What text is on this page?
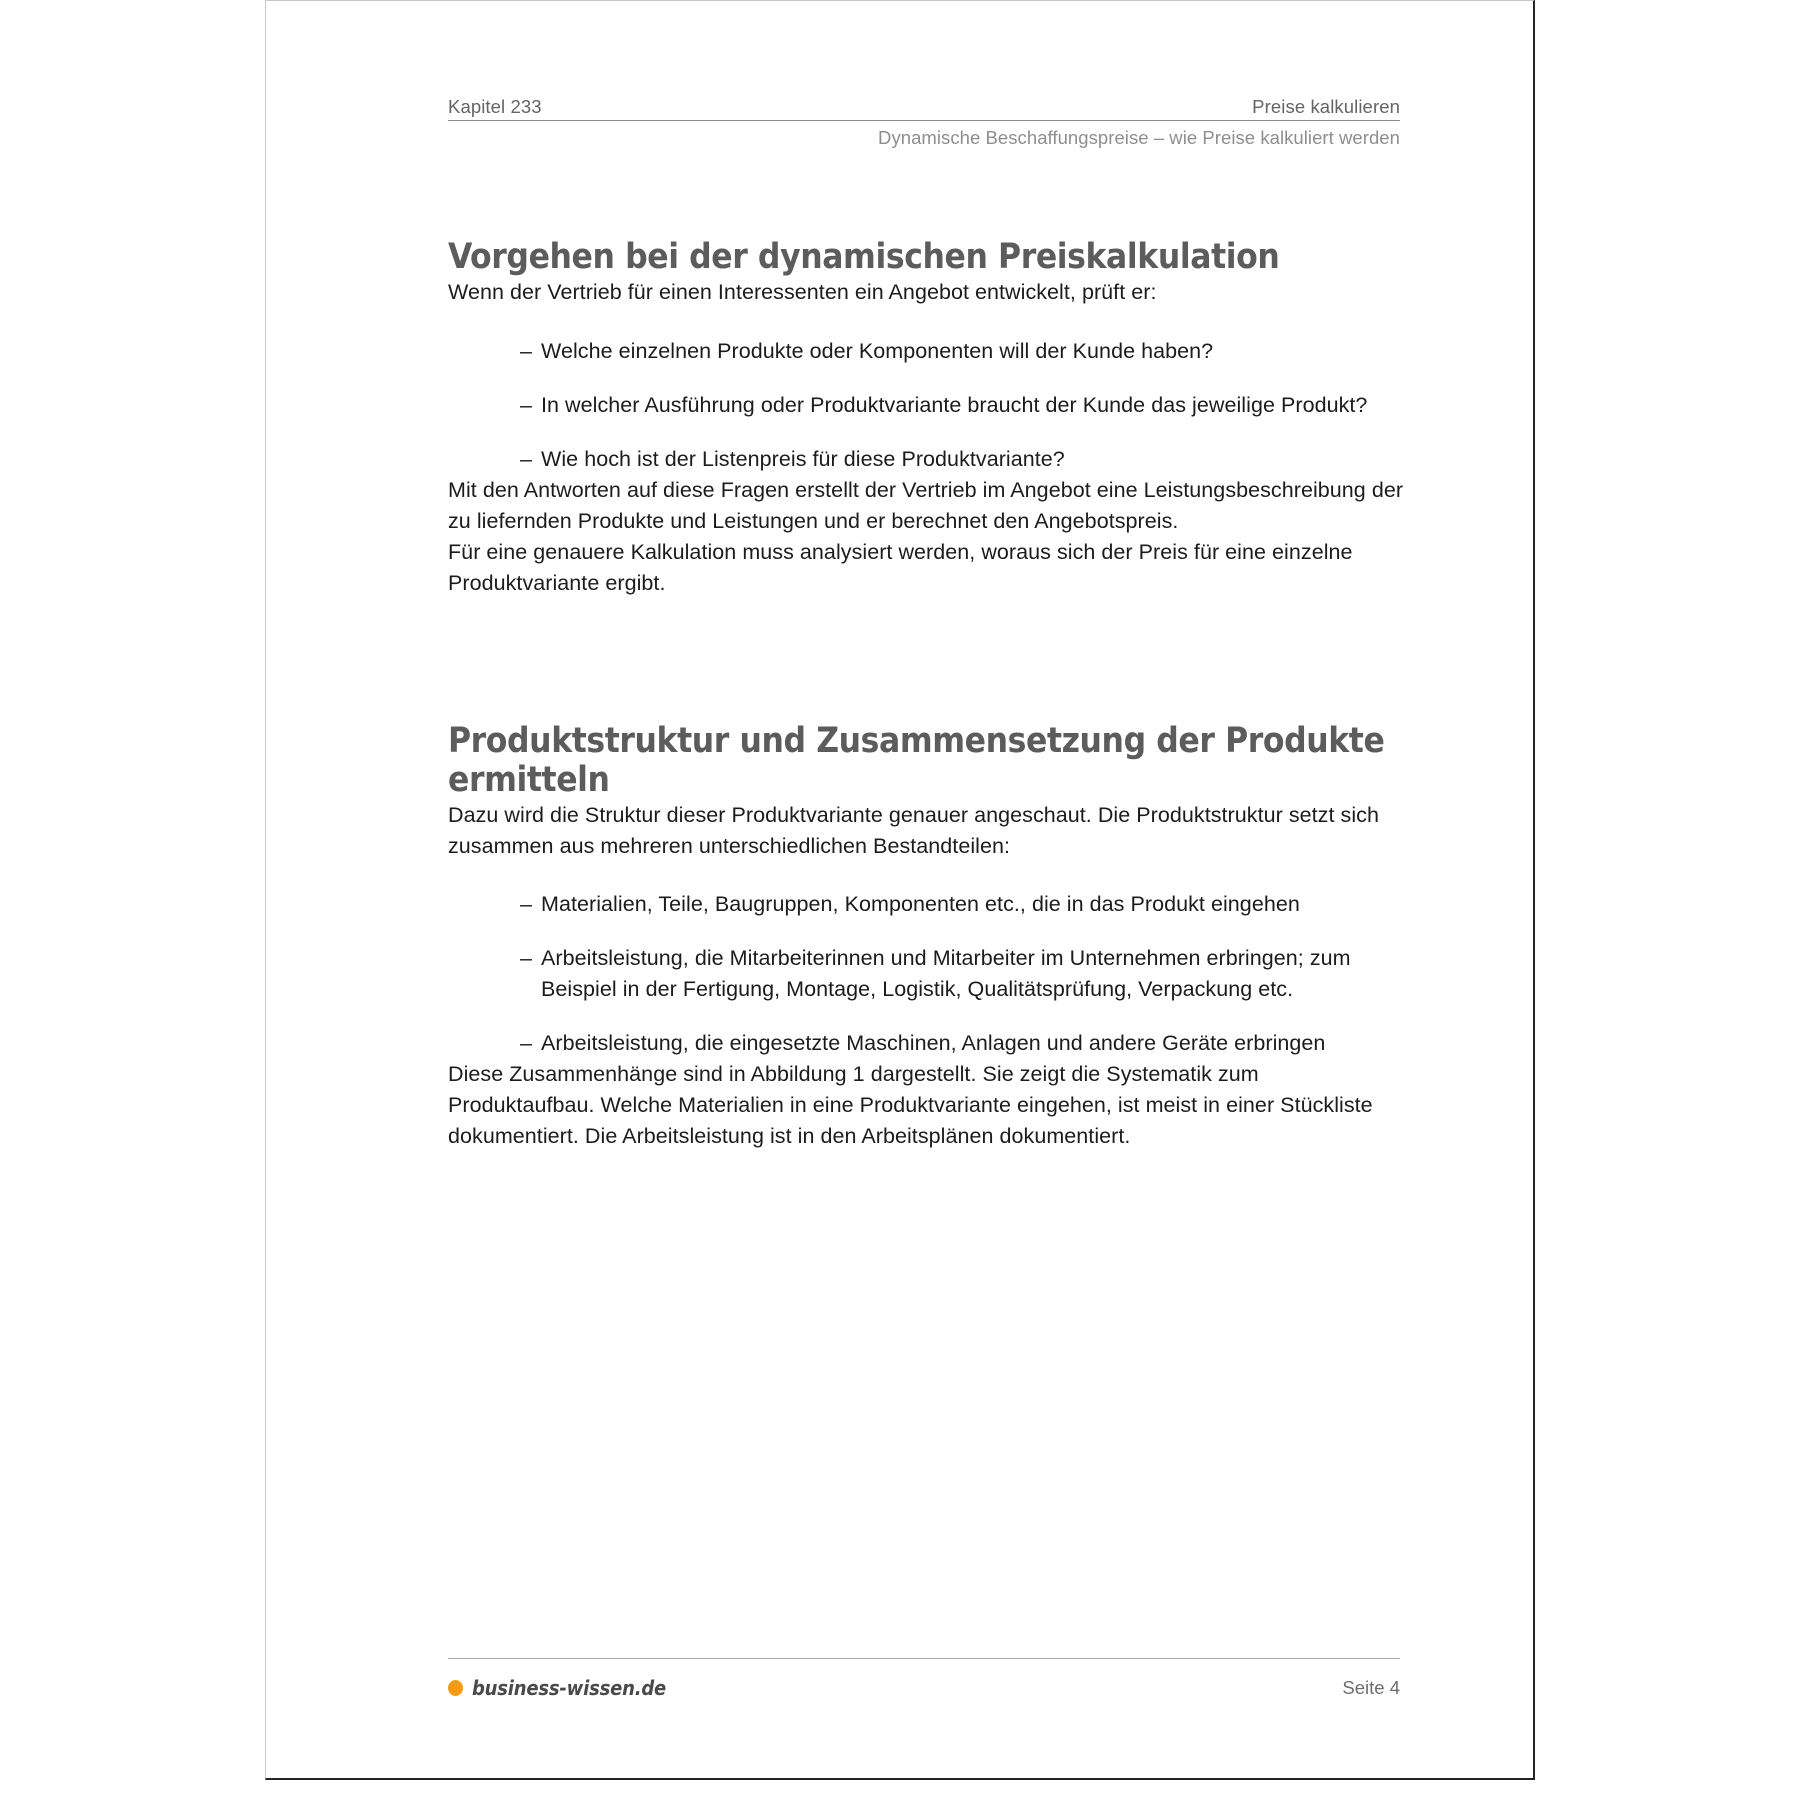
Kapitel 233	Preise kalkulieren
Dynamische Beschaffungspreise – wie Preise kalkuliert werden
Vorgehen bei der dynamischen Preiskalkulation

Wenn der Vertrieb für einen Interessenten ein Angebot entwickelt, prüft er:

– Welche einzelnen Produkte oder Komponenten will der Kunde haben?
– In welcher Ausführung oder Produktvariante braucht der Kunde das jeweilige Produkt?
– Wie hoch ist der Listenpreis für diese Produktvariante?

Mit den Antworten auf diese Fragen erstellt der Vertrieb im Angebot eine Leistungsbeschreibung der zu liefernden Produkte und Leistungen und er berechnet den Angebotspreis.

Für eine genauere Kalkulation muss analysiert werden, woraus sich der Preis für eine einzelne Produktvariante ergibt.

Produktstruktur und Zusammensetzung der Produkte ermitteln

Dazu wird die Struktur dieser Produktvariante genauer angeschaut. Die Produktstruktur setzt sich zusammen aus mehreren unterschiedlichen Bestandteilen:

– Materialien, Teile, Baugruppen, Komponenten etc., die in das Produkt eingehen
– Arbeitsleistung, die Mitarbeiterinnen und Mitarbeiter im Unternehmen erbringen; zum Beispiel in der Fertigung, Montage, Logistik, Qualitätsprüfung, Verpackung etc.
– Arbeitsleistung, die eingesetzte Maschinen, Anlagen und andere Geräte erbringen

Diese Zusammenhänge sind in Abbildung 1 dargestellt. Sie zeigt die Systematik zum Produktaufbau. Welche Materialien in eine Produktvariante eingehen, ist meist in einer Stückliste dokumentiert. Die Arbeitsleistung ist in den Arbeitsplänen dokumentiert.

business-wissen.de	Seite 4
